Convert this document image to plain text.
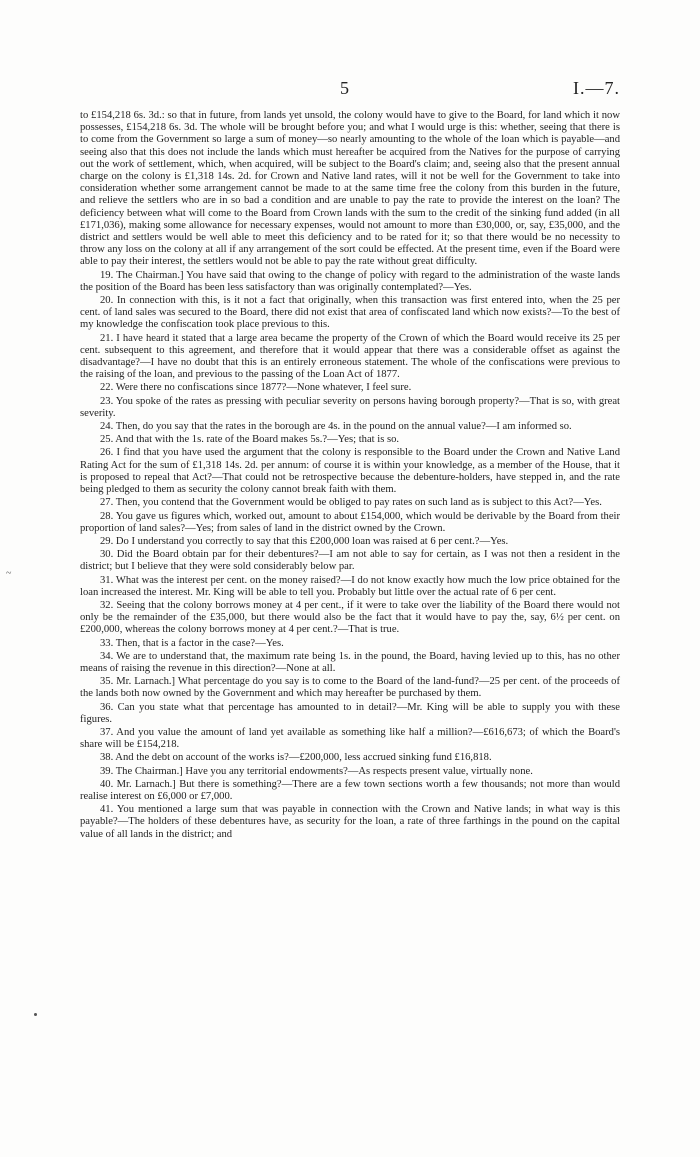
5	I.—7.
~

to £154,218 6s. 3d.: so that in future, from lands yet unsold, the colony would have to give to the Board, for land which it now possesses, £154,218 6s. 3d. The whole will be brought before you; and what I would urge is this: whether, seeing that there is to come from the Government so large a sum of money—so nearly amounting to the whole of the loan which is payable—and seeing also that this does not include the lands which must hereafter be acquired from the Natives for the purpose of carrying out the work of settlement, which, when acquired, will be subject to the Board's claim; and, seeing also that the present annual charge on the colony is £1,318 14s. 2d. for Crown and Native land rates, will it not be well for the Government to take into consideration whether some arrangement cannot be made to at the same time free the colony from this burden in the future, and relieve the settlers who are in so bad a condition and are unable to pay the rate to provide the interest on the loan? The deficiency between what will come to the Board from Crown lands with the sum to the credit of the sinking fund added (in all £171,036), making some allowance for necessary expenses, would not amount to more than £30,000, or, say, £35,000, and the district and settlers would be well able to meet this deficiency and to be rated for it; so that there would be no necessity to throw any loss on the colony at all if any arrangement of the sort could be effected. At the present time, even if the Board were able to pay their interest, the settlers would not be able to pay the rate without great difficulty.

19. The Chairman.] You have said that owing to the change of policy with regard to the administration of the waste lands the position of the Board has been less satisfactory than was originally contemplated?—Yes.

20. In connection with this, is it not a fact that originally, when this transaction was first entered into, when the 25 per cent. of land sales was secured to the Board, there did not exist that area of confiscated land which now exists?—To the best of my knowledge the confiscation took place previous to this.

21. I have heard it stated that a large area became the property of the Crown of which the Board would receive its 25 per cent. subsequent to this agreement, and therefore that it would appear that there was a considerable offset as against the disadvantage?—I have no doubt that this is an entirely erroneous statement. The whole of the confiscations were previous to the raising of the loan, and previous to the passing of the Loan Act of 1877.

22. Were there no confiscations since 1877?—None whatever, I feel sure.

23. You spoke of the rates as pressing with peculiar severity on persons having borough property?—That is so, with great severity.

24. Then, do you say that the rates in the borough are 4s. in the pound on the annual value?—I am informed so.

25. And that with the 1s. rate of the Board makes 5s.?—Yes; that is so.

26. I find that you have used the argument that the colony is responsible to the Board under the Crown and Native Land Rating Act for the sum of £1,318 14s. 2d. per annum: of course it is within your knowledge, as a member of the House, that it is proposed to repeal that Act?—That could not be retrospective because the debenture-holders, have stepped in, and the rate being pledged to them as security the colony cannot break faith with them.

27. Then, you contend that the Government would be obliged to pay rates on such land as is subject to this Act?—Yes.

28. You gave us figures which, worked out, amount to about £154,000, which would be derivable by the Board from their proportion of land sales?—Yes; from sales of land in the district owned by the Crown.

29. Do I understand you correctly to say that this £200,000 loan was raised at 6 per cent.?—Yes.

30. Did the Board obtain par for their debentures?—I am not able to say for certain, as I was not then a resident in the district; but I believe that they were sold considerably below par.

31. What was the interest per cent. on the money raised?—I do not know exactly how much the low price obtained for the loan increased the interest. Mr. King will be able to tell you. Probably but little over the actual rate of 6 per cent.

32. Seeing that the colony borrows money at 4 per cent., if it were to take over the liability of the Board there would not only be the remainder of the £35,000, but there would also be the fact that it would have to pay the, say, 6½ per cent. on £200,000, whereas the colony borrows money at 4 per cent.?—That is true.

33. Then, that is a factor in the case?—Yes.

34. We are to understand that, the maximum rate being 1s. in the pound, the Board, having levied up to this, has no other means of raising the revenue in this direction?—None at all.

35. Mr. Larnach.] What percentage do you say is to come to the Board of the land-fund?—25 per cent. of the proceeds of the lands both now owned by the Government and which may hereafter be purchased by them.

36. Can you state what that percentage has amounted to in detail?—Mr. King will be able to supply you with these figures.

37. And you value the amount of land yet available as something like half a million?—£616,673; of which the Board's share will be £154,218.

38. And the debt on account of the works is?—£200,000, less accrued sinking fund £16,818.

39. The Chairman.] Have you any territorial endowments?—As respects present value, virtually none.

40. Mr. Larnach.] But there is something?—There are a few town sections worth a few thousands; not more than would realise interest on £6,000 or £7,000.

41. You mentioned a large sum that was payable in connection with the Crown and Native lands; in what way is this payable?—The holders of these debentures have, as security for the loan, a rate of three farthings in the pound on the capital value of all lands in the district; and
